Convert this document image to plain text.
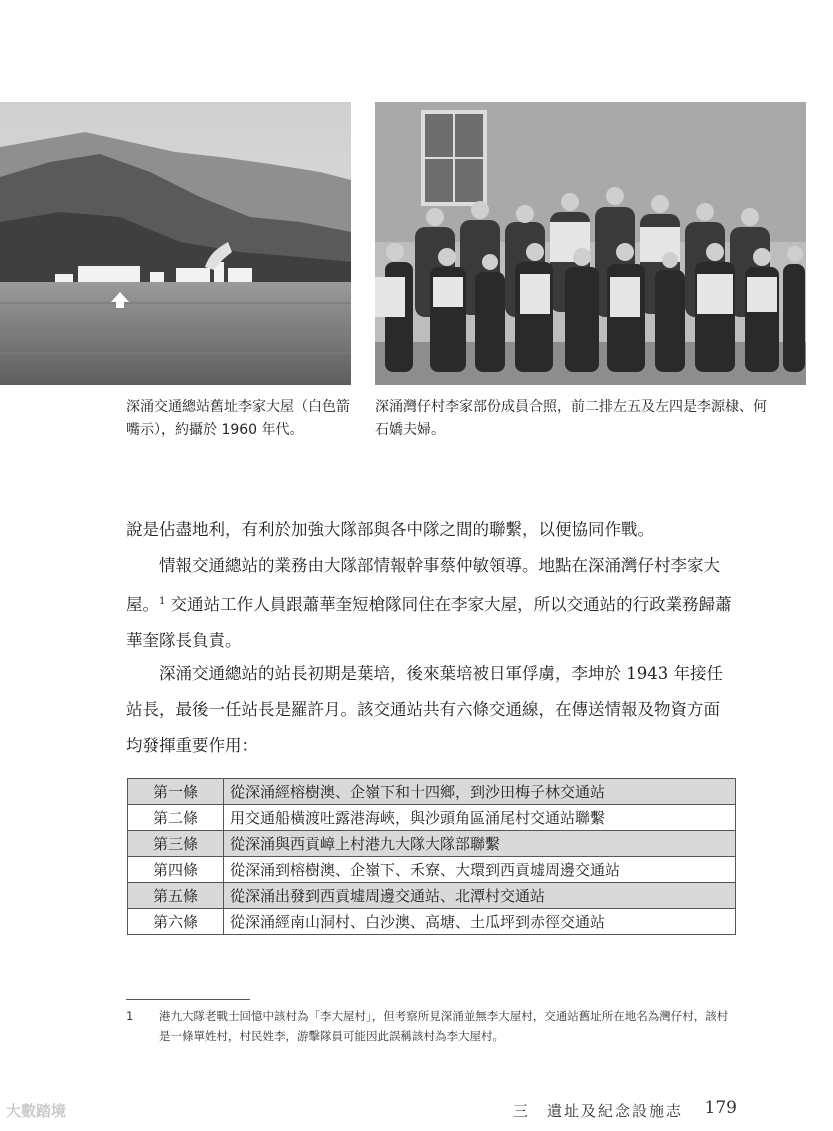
深涌交通總站舊址李家大屋（白色箭嘴示），約攝於 1960 年代。
深涌灣仔村李家部份成員合照，前二排左五及左四是李源棣、何石嬌夫婦。

說是佔盡地利，有利於加強大隊部與各中隊之間的聯繫，以便協同作戰。

情報交通總站的業務由大隊部情報幹事蔡仲敏領導。地點在深涌灣仔村李家大屋。$^1$ 交通站工作人員跟蕭華奎短槍隊同住在李家大屋，所以交通站的行政業務歸蕭華奎隊長負責。

深涌交通總站的站長初期是葉培，後來葉培被日軍俘虜，李坤於 1943 年接任站長，最後一任站長是羅許月。該交通站共有六條交通線，在傳送情報及物資方面均發揮重要作用：

第一條	從深涌經榕樹澳、企嶺下和十四鄉，到沙田梅子林交通站
第二條	用交通船橫渡吐露港海峽，與沙頭角區涌尾村交通站聯繫
第三條	從深涌與西貢嶂上村港九大隊大隊部聯繫
第四條	從深涌到榕樹澳、企嶺下、禾寮、大環到西貢墟周邊交通站
第五條	從深涌出發到西貢墟周邊交通站、北潭村交通站
第六條	從深涌經南山洞村、白沙澳、高塘、土瓜坪到赤徑交通站
1 港九大隊老戰士回憶中該村為「李大屋村」，但考察所見深涌並無李大屋村，交通站舊址所在地名為灣仔村，該村是一條單姓村，村民姓李，游擊隊員可能因此誤稱該村為李大屋村。
大數踏境	三　遺址及紀念設施志 179
